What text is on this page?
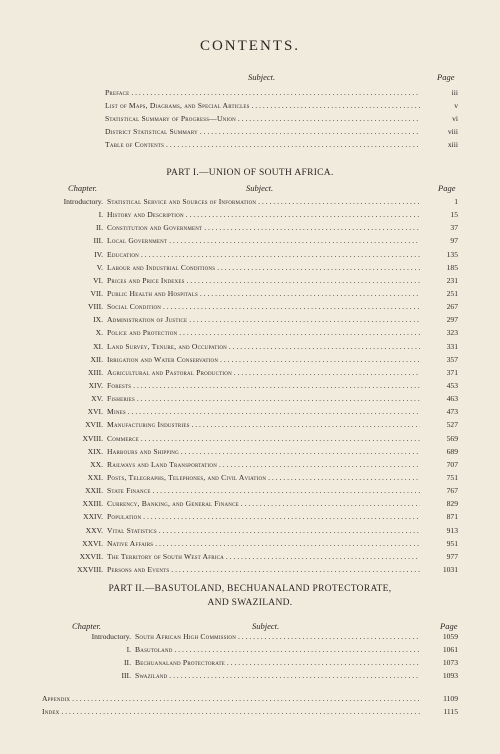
CONTENTS.
Subject.	Page
Preface . . .	iii
List of Maps, Diagrams, and Special Articles . . .	v
Statistical Summary of Progress—Union . . .	vi
District Statistical Summary . . .	viii
Table of Contents . . .	xiii
PART I.—UNION OF SOUTH AFRICA.
Chapter.	Subject.	Page
Introductory. Statistical Service and Sources of Information . . .	1
I. History and Description . . .	15
II. Constitution and Government . . .	37
III. Local Government . . .	97
IV. Education . . .	135
V. Labour and Industrial Conditions . . .	185
VI. Prices and Price Indexes . . .	231
VII. Public Health and Hospitals . . .	251
VIII. Social Condition . . .	267
IX. Administration of Justice . . .	297
X. Police and Protection . . .	323
XI. Land Survey, Tenure, and Occupation . . .	331
XII. Irrigation and Water Conservation . . .	357
XIII. Agricultural and Pastoral Production . . .	371
XIV. Forests . . .	453
XV. Fisheries . . .	463
XVI. Mines . . .	473
XVII. Manufacturing Industries . . .	527
XVIII. Commerce . . .	569
XIX. Harbours and Shipping . . .	689
XX. Railways and Land Transportation . . .	707
XXI. Posts, Telegraphs, Telephones, and Civil Aviation . . .	751
XXII. State Finance . . .	767
XXIII. Currency, Banking, and General Finance . . .	829
XXIV. Population . . .	871
XXV. Vital Statistics . . .	913
XXVI. Native Affairs . . .	951
XXVII. The Territory of South West Africa . . .	977
XXVIII. Persons and Events . . .	1031
PART II.—BASUTOLAND, BECHUANALAND PROTECTORATE,
AND SWAZILAND.
Chapter.	Subject.	Page
Introductory. South African High Commission . . .	1059
I. Basutoland . . .	1061
II. Bechuanaland Protectorate . . .	1073
III. Swaziland . . .	1093
Appendix . . .	1109
Index . . .	1115
